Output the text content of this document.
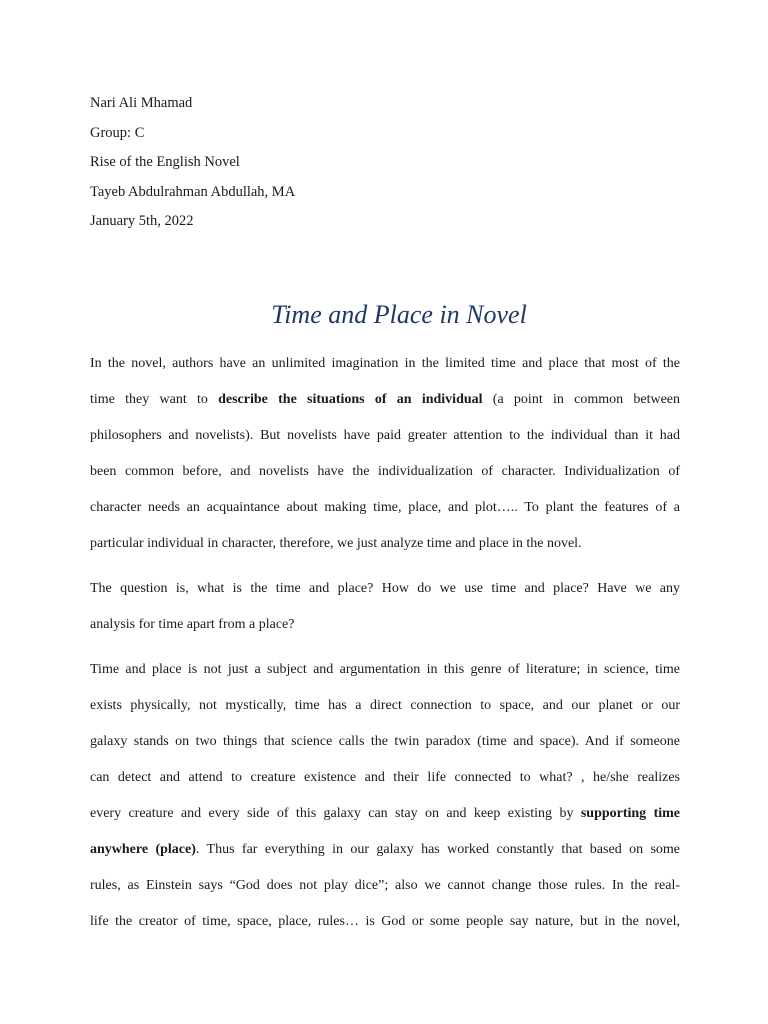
Nari Ali Mhamad
Group: C
Rise of the English Novel
Tayeb Abdulrahman Abdullah, MA
January 5th, 2022
Time and Place in Novel
In the novel, authors have an unlimited imagination in the limited time and place that most of the
time they want to describe the situations of an individual (a point in common between
philosophers and novelists). But novelists have paid greater attention to the individual than it had
been common before, and novelists have the individualization of character. Individualization of
character needs an acquaintance about making time, place, and plot….. To plant the features of a
particular individual in character, therefore, we just analyze time and place in the novel.
The question is, what is the time and place? How do we use time and place? Have we any
analysis for time apart from a place?
Time and place is not just a subject and argumentation in this genre of literature; in science, time
exists physically, not mystically, time has a direct connection to space, and our planet or our
galaxy stands on two things that science calls the twin paradox (time and space). And if someone
can detect and attend to creature existence and their life connected to what? , he/she realizes
every creature and every side of this galaxy can stay on and keep existing by supporting time
anywhere (place). Thus far everything in our galaxy has worked constantly that based on some
rules, as Einstein says “God does not play dice”; also we cannot change those rules. In the real-
life the creator of time, space, place, rules… is God or some people say nature, but in the novel,
